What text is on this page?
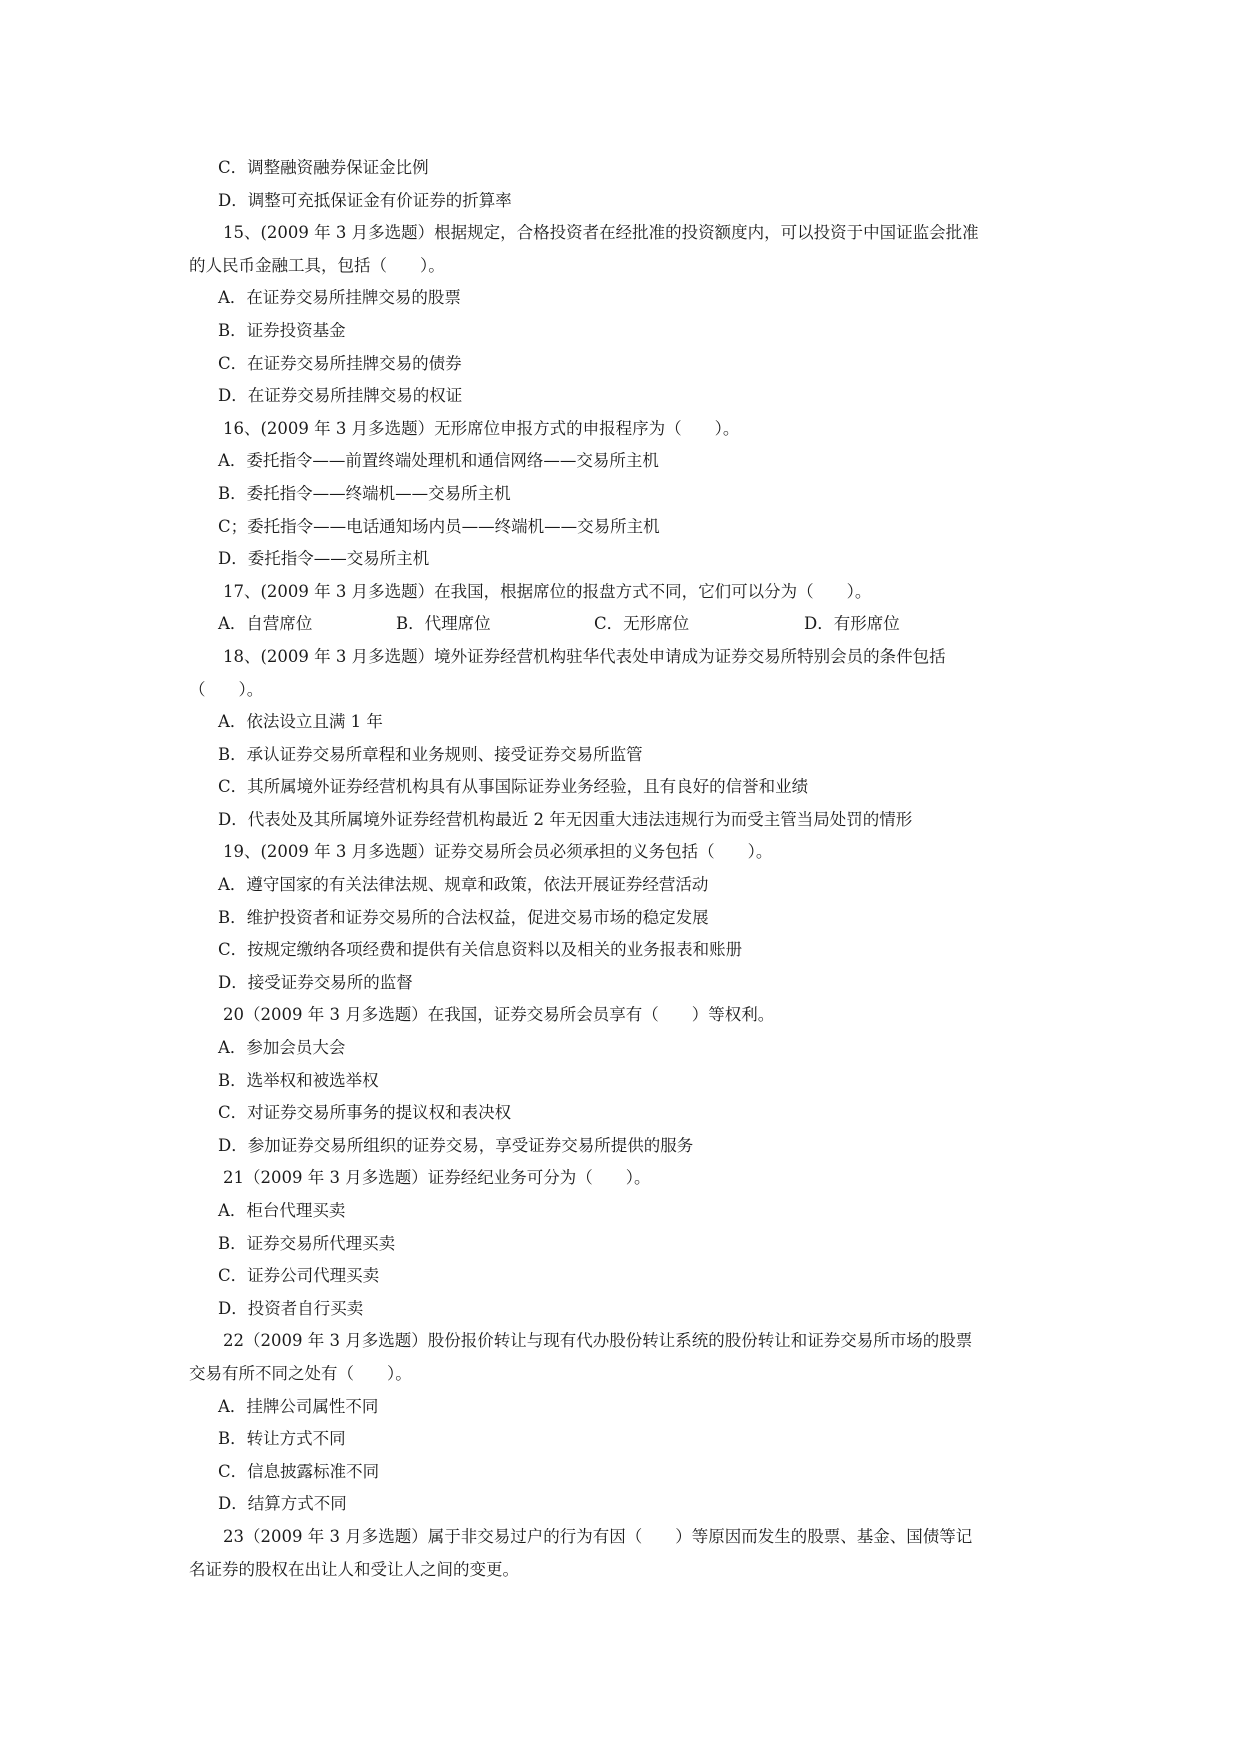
C．调整融资融券保证金比例
D．调整可充抵保证金有价证券的折算率
15、(2009 年 3 月多选题）根据规定，合格投资者在经批准的投资额度内，可以投资于中国证监会批准
的人民币金融工具，包括（　　）。
A．在证券交易所挂牌交易的股票
B．证券投资基金
C．在证券交易所挂牌交易的债券
D．在证券交易所挂牌交易的权证
16、(2009 年 3 月多选题）无形席位申报方式的申报程序为（　　）。
A．委托指令——前置终端处理机和通信网络——交易所主机
B．委托指令——终端机——交易所主机
C；委托指令——电话通知场内员——终端机——交易所主机
D．委托指令——交易所主机
17、(2009 年 3 月多选题）在我国，根据席位的报盘方式不同，它们可以分为（　　）。
A．自营席位	B．代理席位	C．无形席位	D．有形席位
18、(2009 年 3 月多选题）境外证券经营机构驻华代表处申请成为证券交易所特别会员的条件包括
（　　）。
A．依法设立且满 1 年
B．承认证券交易所章程和业务规则、接受证券交易所监管
C．其所属境外证券经营机构具有从事国际证券业务经验，且有良好的信誉和业绩
D．代表处及其所属境外证券经营机构最近 2 年无因重大违法违规行为而受主管当局处罚的情形
19、(2009 年 3 月多选题）证券交易所会员必须承担的义务包括（　　）。
A．遵守国家的有关法律法规、规章和政策，依法开展证券经营活动
B．维护投资者和证券交易所的合法权益，促进交易市场的稳定发展
C．按规定缴纳各项经费和提供有关信息资料以及相关的业务报表和账册
D．接受证券交易所的监督
20（2009 年 3 月多选题）在我国，证券交易所会员享有（　　）等权利。
A．参加会员大会
B．选举权和被选举权
C．对证券交易所事务的提议权和表决权
D．参加证券交易所组织的证券交易，享受证券交易所提供的服务
21（2009 年 3 月多选题）证券经纪业务可分为（　　）。
A．柜台代理买卖
B．证券交易所代理买卖
C．证券公司代理买卖
D．投资者自行买卖
22（2009 年 3 月多选题）股份报价转让与现有代办股份转让系统的股份转让和证券交易所市场的股票
交易有所不同之处有（　　）。
A．挂牌公司属性不同
B．转让方式不同
C．信息披露标准不同
D．结算方式不同
23（2009 年 3 月多选题）属于非交易过户的行为有因（　　）等原因而发生的股票、基金、国债等记
名证券的股权在出让人和受让人之间的变更。
